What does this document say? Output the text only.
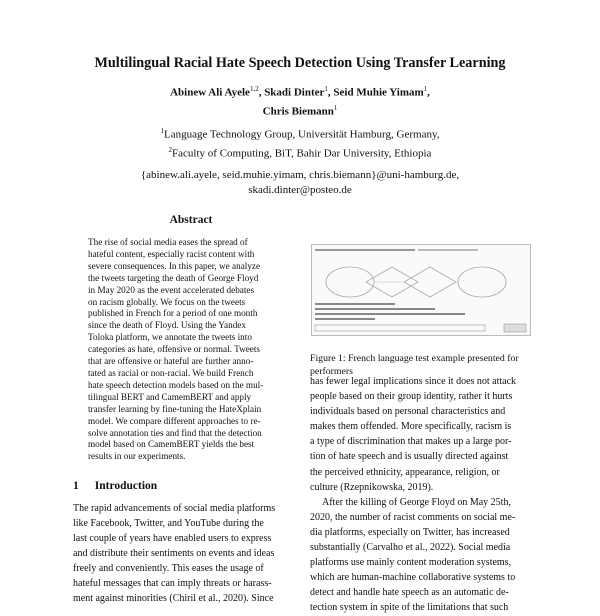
Multilingual Racial Hate Speech Detection Using Transfer Learning
Abinew Ali Ayele$^{1,2}$, Skadi Dinter$^1$, Seid Muhie Yimam$^1$,
Chris Biemann$^1$
$^1$Language Technology Group, Universität Hamburg, Germany,
$^2$Faculty of Computing, BiT, Bahir Dar University, Ethiopia
{abinew.ali.ayele, seid.muhie.yimam, chris.biemann}@uni-hamburg.de,
skadi.dinter@posteo.de
Abstract
The rise of social media eases the spread of
hateful content, especially racist content with
severe consequences. In this paper, we analyze
the tweets targeting the death of George Floyd
in May 2020 as the event accelerated debates
on racism globally. We focus on the tweets
published in French for a period of one month
since the death of Floyd. Using the Yandex
Toloka platform, we annotate the tweets into
categories as hate, offensive or normal. Tweets
that are offensive or hateful are further anno-
tated as racial or non-racial. We build French
hate speech detection models based on the mul-
tilingual BERT and CamemBERT and apply
transfer learning by fine-tuning the HateXplain
model. We compare different approaches to re-
solve annotation ties and find that the detection
model based on CamemBERT yields the best
results in our experiments.
1 Introduction
The rapid advancements of social media platforms
like Facebook, Twitter, and YouTube during the
last couple of years have enabled users to express
and distribute their sentiments on events and ideas
freely and conveniently. This eases the usage of
hateful messages that can imply threats or harass-
ment against minorities (Chiril et al., 2020). Since
Figure 1: French language test example presented for
performers
has fewer legal implications since it does not attack
people based on their group identity, rather it hurts
individuals based on personal characteristics and
makes them offended. More specifically, racism is
a type of discrimination that makes up a large por-
tion of hate speech and is usually directed against
the perceived ethnicity, appearance, religion, or
culture (Rzepnikowska, 2019).
After the killing of George Floyd on May 25th,
2020, the number of racist comments on social me-
dia platforms, especially on Twitter, has increased
substantially (Carvalho et al., 2022). Social media
platforms use mainly content moderation systems,
which are human-machine collaborative systems to
detect and handle hate speech as an automatic de-
tection system in spite of the limitations that such
